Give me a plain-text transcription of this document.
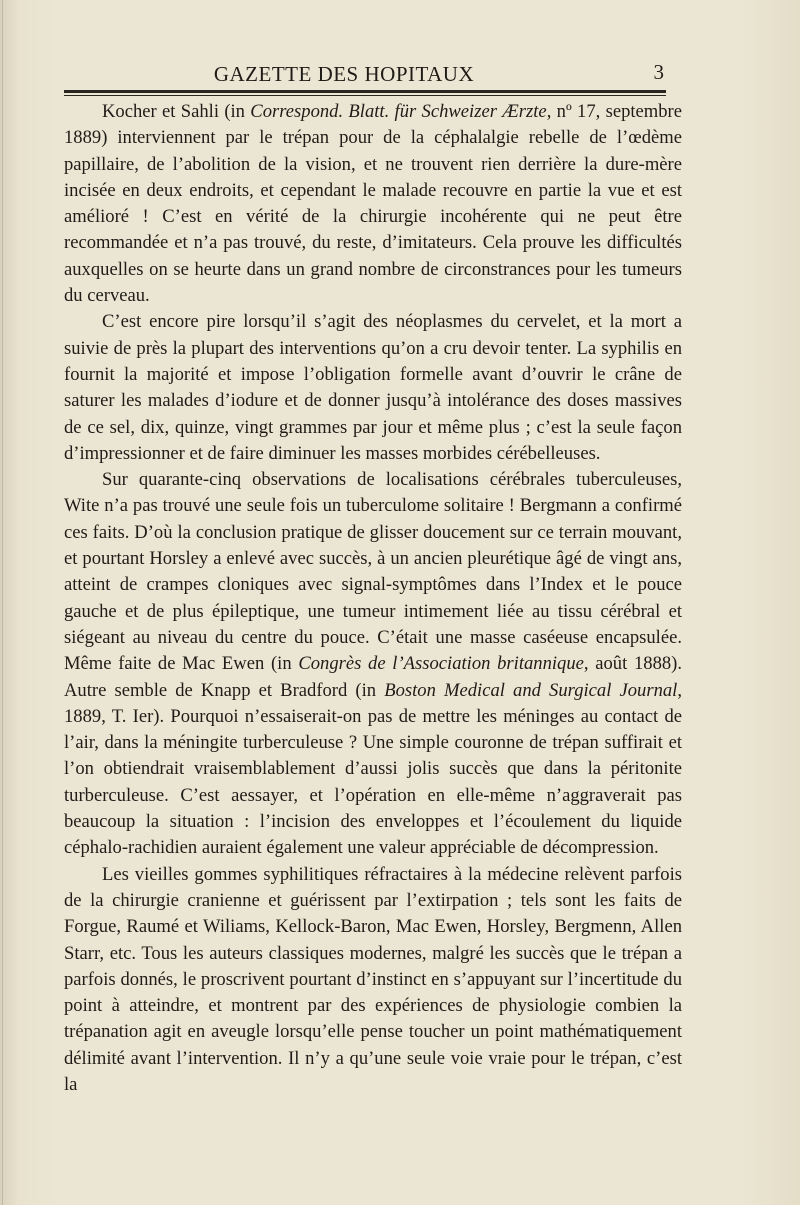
GAZETTE DES HOPITAUX	3

Kocher et Sahli (in Correspond. Blatt. für Schweizer Ærzte, nº 17, septembre 1889) interviennent par le trépan pour de la céphalalgie rebelle de l’œdème papillaire, de l’abolition de la vision, et ne trouvent rien derrière la dure-mère incisée en deux endroits, et cependant le malade recouvre en partie la vue et est amélioré ! C’est en vérité de la chirurgie incohérente qui ne peut être recommandée et n’a pas trouvé, du reste, d’imitateurs. Cela prouve les difficultés auxquelles on se heurte dans un grand nombre de circonstrances pour les tumeurs du cerveau.

C’est encore pire lorsqu’il s’agit des néoplasmes du cervelet, et la mort a suivie de près la plupart des interventions qu’on a cru devoir tenter. La syphilis en fournit la majorité et impose l’obligation formelle avant d’ouvrir le crâne de saturer les malades d’iodure et de donner jusqu’à intolérance des doses massives de ce sel, dix, quinze, vingt grammes par jour et même plus ; c’est la seule façon d’impressionner et de faire diminuer les masses morbides cérébelleuses.

Sur quarante-cinq observations de localisations cérébrales tuberculeuses, Wite n’a pas trouvé une seule fois un tuberculome solitaire ! Bergmann a confirmé ces faits. D’où la conclusion pratique de glisser doucement sur ce terrain mouvant, et pourtant Horsley a enlevé avec succès, à un ancien pleurétique âgé de vingt ans, atteint de crampes cloniques avec signal-symptômes dans l’Index et le pouce gauche et de plus épileptique, une tumeur intimement liée au tissu cérébral et siégeant au niveau du centre du pouce. C’était une masse caséeuse encapsulée. Même faite de Mac Ewen (in Congrès de l’Association britannique, août 1888). Autre semble de Knapp et Bradford (in Boston Medical and Surgical Journal, 1889, T. Ier). Pourquoi n’essaiserait-on pas de mettre les méninges au contact de l’air, dans la méningite turberculeuse ? Une simple couronne de trépan suffirait et l’on obtiendrait vraisemblablement d’aussi jolis succès que dans la péritonite turberculeuse. C’est aessayer, et l’opération en elle-même n’aggraverait pas beaucoup la situation : l’incision des enveloppes et l’écoulement du liquide céphalo-rachidien auraient également une valeur appréciable de décompression.

Les vieilles gommes syphilitiques réfractaires à la médecine relèvent parfois de la chirurgie cranienne et guérissent par l’extirpation ; tels sont les faits de Forgue, Raumé et Wiliams, Kellock-Baron, Mac Ewen, Horsley, Bergmenn, Allen Starr, etc. Tous les auteurs classiques modernes, malgré les succès que le trépan a parfois donnés, le proscrivent pourtant d’instinct en s’appuyant sur l’incertitude du point à atteindre, et montrent par des expériences de physiologie combien la trépanation agit en aveugle lorsqu’elle pense toucher un point mathématiquement délimité avant l’intervention. Il n’y a qu’une seule voie vraie pour le trépan, c’est la
